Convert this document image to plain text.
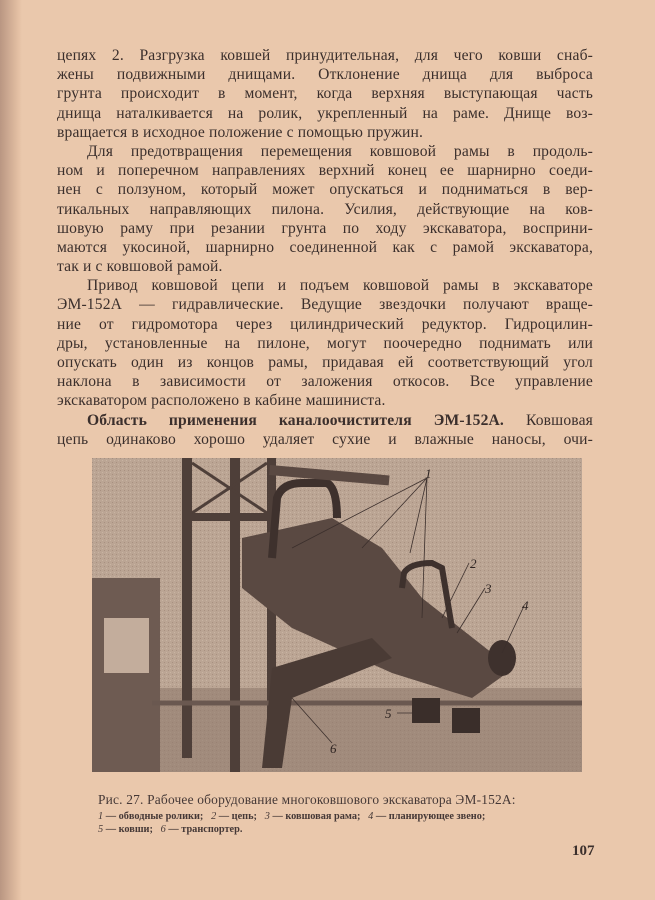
цепях 2. Разгрузка ковшей принудительная, для чего ковши снаб-
жены подвижными днищами. Отклонение днища для выброса
грунта происходит в момент, когда верхняя выступающая часть
днища наталкивается на ролик, укрепленный на раме. Днище воз-
вращается в исходное положение с помощью пружин.
Для предотвращения перемещения ковшовой рамы в продоль-
ном и поперечном направлениях верхний конец ее шарнирно соеди-
нен с ползуном, который может опускаться и подниматься в вер-
тикальных направляющих пилона. Усилия, действующие на ков-
шовую раму при резании грунта по ходу экскаватора, восприни-
маются укосиной, шарнирно соединенной как с рамой экскаватора,
так и с ковшовой рамой.
Привод ковшовой цепи и подъем ковшовой рамы в экскаваторе
ЭМ-152А — гидравлические. Ведущие звездочки получают враще-
ние от гидромотора через цилиндрический редуктор. Гидроцилин-
дры, установленные на пилоне, могут поочередно поднимать или
опускать один из концов рамы, придавая ей соответствующий угол
наклона в зависимости от заложения откосов. Все управление
экскаватором расположено в кабине машиниста.
Область применения каналоочистителя ЭМ-152А. Ковшовая
цепь одинаково хорошо удаляет сухие и влажные наносы, очи-
1
2
3
4
5
6
Рис. 27. Рабочее оборудование многоковшового экскаватора ЭМ-152А:
1 — обводные ролики; 2 — цепь; 3 — ковшовая рама; 4 — планирующее звено;
5 — ковши; 6 — транспортер.
107
